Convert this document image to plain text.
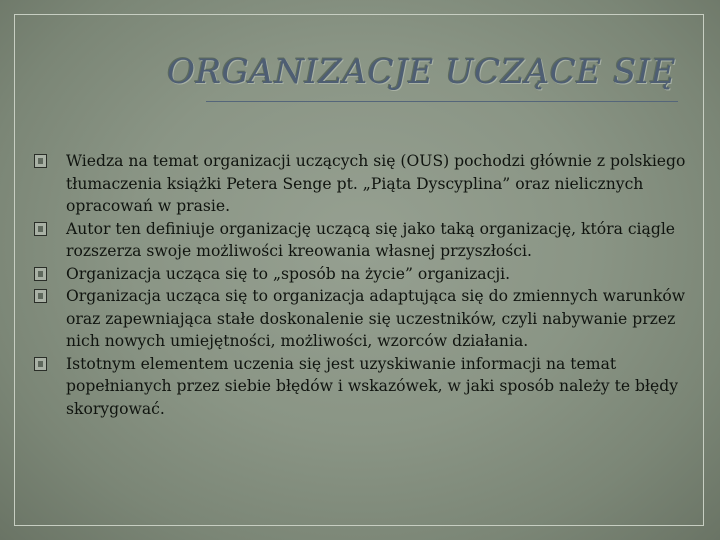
ORGANIZACJE UCZĄCE SIĘ
Wiedza na temat organizacji uczących się (OUS) pochodzi głównie z polskiego tłumaczenia książki Petera Senge pt. „Piąta Dyscyplina” oraz nielicznych opracowań w prasie.
Autor ten definiuje organizację uczącą się jako taką organizację, która ciągle rozszerza swoje możliwości kreowania własnej przyszłości.
Organizacja ucząca się to „sposób na życie” organizacji.
Organizacja ucząca się to organizacja adaptująca się do zmiennych warunków oraz zapewniająca stałe doskonalenie się uczestników, czyli nabywanie przez nich nowych umiejętności, możliwości, wzorców działania.
Istotnym elementem uczenia się jest uzyskiwanie informacji na temat popełnianych przez siebie błędów i wskazówek, w jaki sposób należy te błędy skorygować.
